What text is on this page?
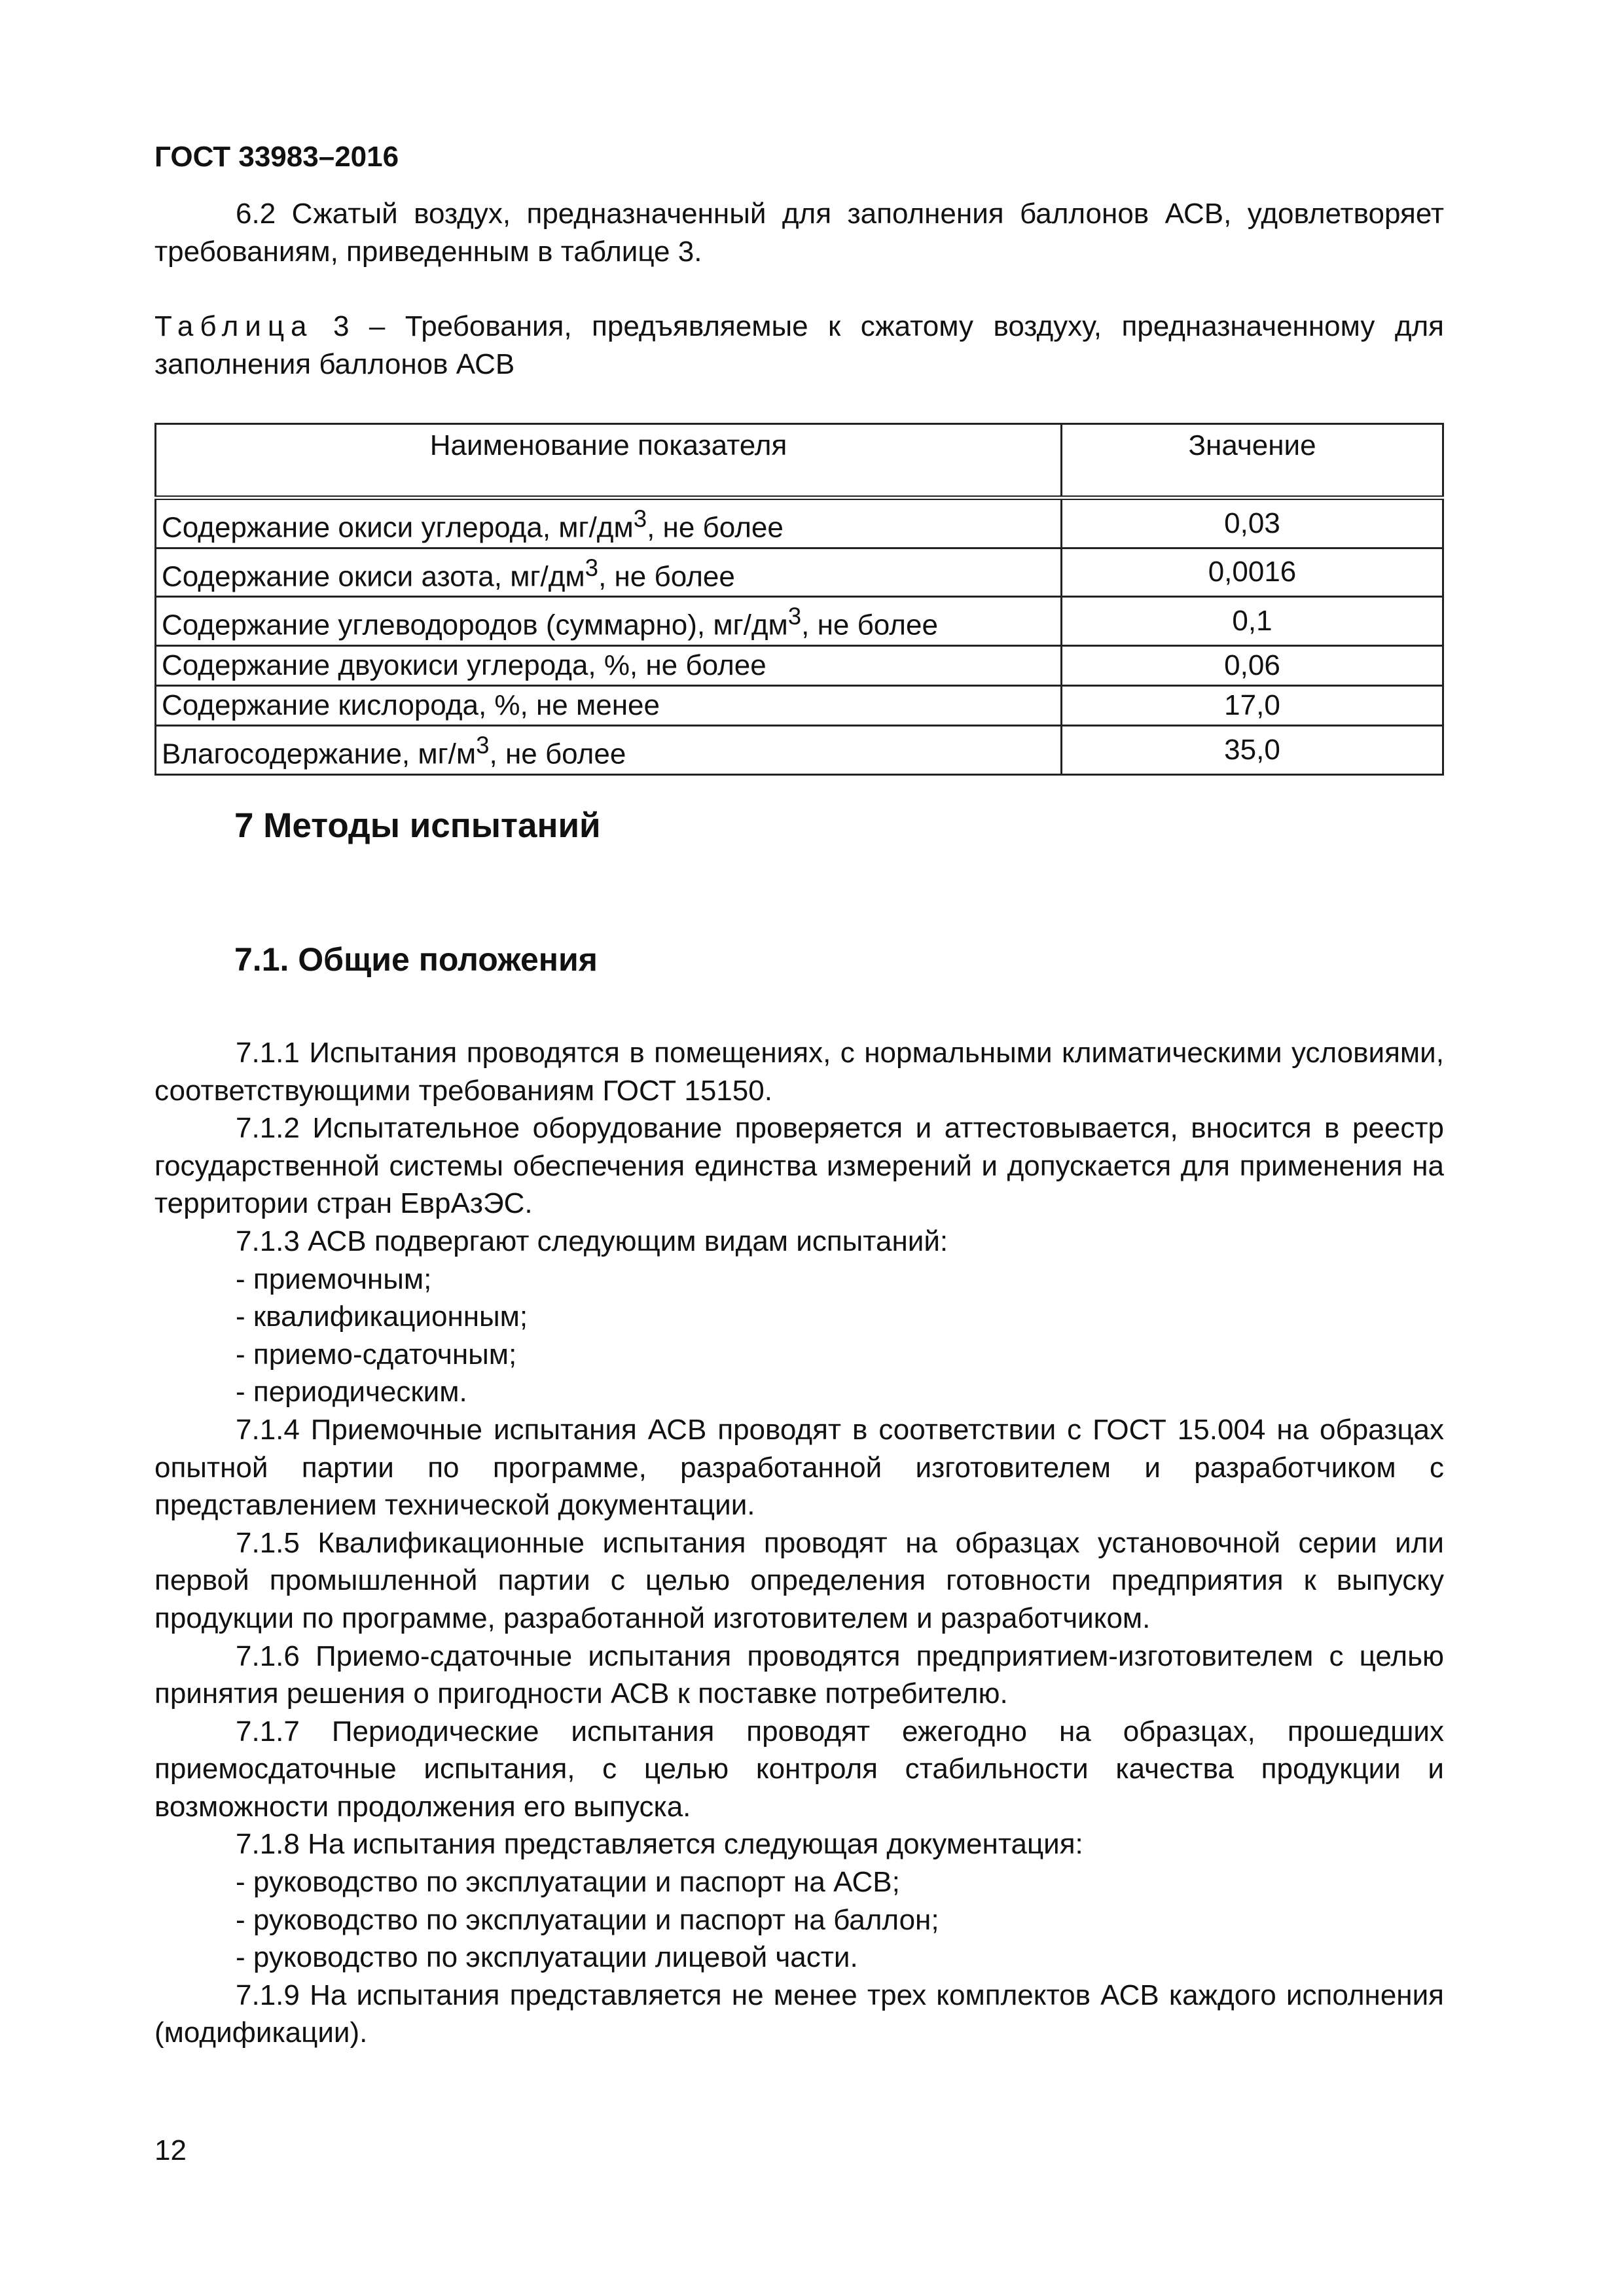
ГОСТ 33983–2016

6.2 Сжатый воздух, предназначенный для заполнения баллонов АСВ, удовлетворяет требованиям, приведенным в таблице 3.

Таблица 3 – Требования, предъявляемые к сжатому воздуху, предназначенному для заполнения баллонов АСВ

Наименование показателя	Значение
Содержание окиси углерода, $мг/дм^3$, не более	0,03
Содержание окиси азота, $мг/дм^3$, не более	0,0016
Содержание углеводородов (суммарно), $мг/дм^3$, не более	0,1
Содержание двуокиси углерода, %, не более	0,06
Содержание кислорода, %, не менее	17,0
Влагосодержание, $мг/м^3$, не более	35,0
7 Методы испытаний
7.1. Общие положения

7.1.1 Испытания проводятся в помещениях, с нормальными климатическими условиями, соответствующими требованиям ГОСТ 15150.

7.1.2 Испытательное оборудование проверяется и аттестовывается, вносится в реестр государственной системы обеспечения единства измерений и допускается для применения на территории стран ЕврАзЭС.

7.1.3 АСВ подвергают следующим видам испытаний:

- приемочным;

- квалификационным;

- приемо-сдаточным;

- периодическим.

7.1.4 Приемочные испытания АСВ проводят в соответствии с ГОСТ 15.004 на образцах опытной партии по программе, разработанной изготовителем и разработчиком с представлением технической документации.

7.1.5 Квалификационные испытания проводят на образцах установочной серии или первой промышленной партии с целью определения готовности предприятия к выпуску продукции по программе, разработанной изготовителем и разработчиком.

7.1.6 Приемо-сдаточные испытания проводятся предприятием-изготовителем с целью принятия решения о пригодности АСВ к поставке потребителю.

7.1.7 Периодические испытания проводят ежегодно на образцах, прошедших приемосдаточные испытания, с целью контроля стабильности качества продукции и возможности продолжения его выпуска.

7.1.8 На испытания представляется следующая документация:

- руководство по эксплуатации и паспорт на АСВ;

- руководство по эксплуатации и паспорт на баллон;

- руководство по эксплуатации лицевой части.

7.1.9 На испытания представляется не менее трех комплектов АСВ каждого исполнения (модификации).

12
